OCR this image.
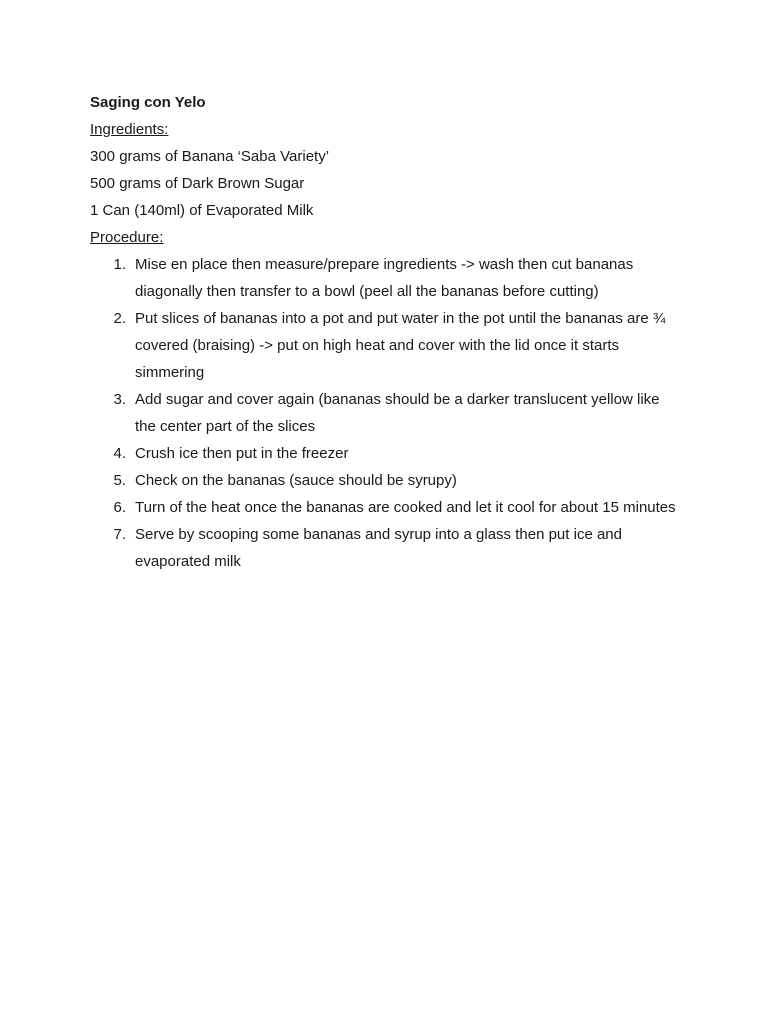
Saging con Yelo

Ingredients:

300 grams of Banana ‘Saba Variety’

500 grams of Dark Brown Sugar

1 Can (140ml) of Evaporated Milk

Procedure:

1. Mise en place then measure/prepare ingredients -> wash then cut bananas diagonally then transfer to a bowl (peel all the bananas before cutting)
2. Put slices of bananas into a pot and put water in the pot until the bananas are ¾ covered (braising) -> put on high heat and cover with the lid once it starts simmering
3. Add sugar and cover again (bananas should be a darker translucent yellow like the center part of the slices
4. Crush ice then put in the freezer
5. Check on the bananas (sauce should be syrupy)
6. Turn of the heat once the bananas are cooked and let it cool for about 15 minutes
7. Serve by scooping some bananas and syrup into a glass then put ice and evaporated milk
